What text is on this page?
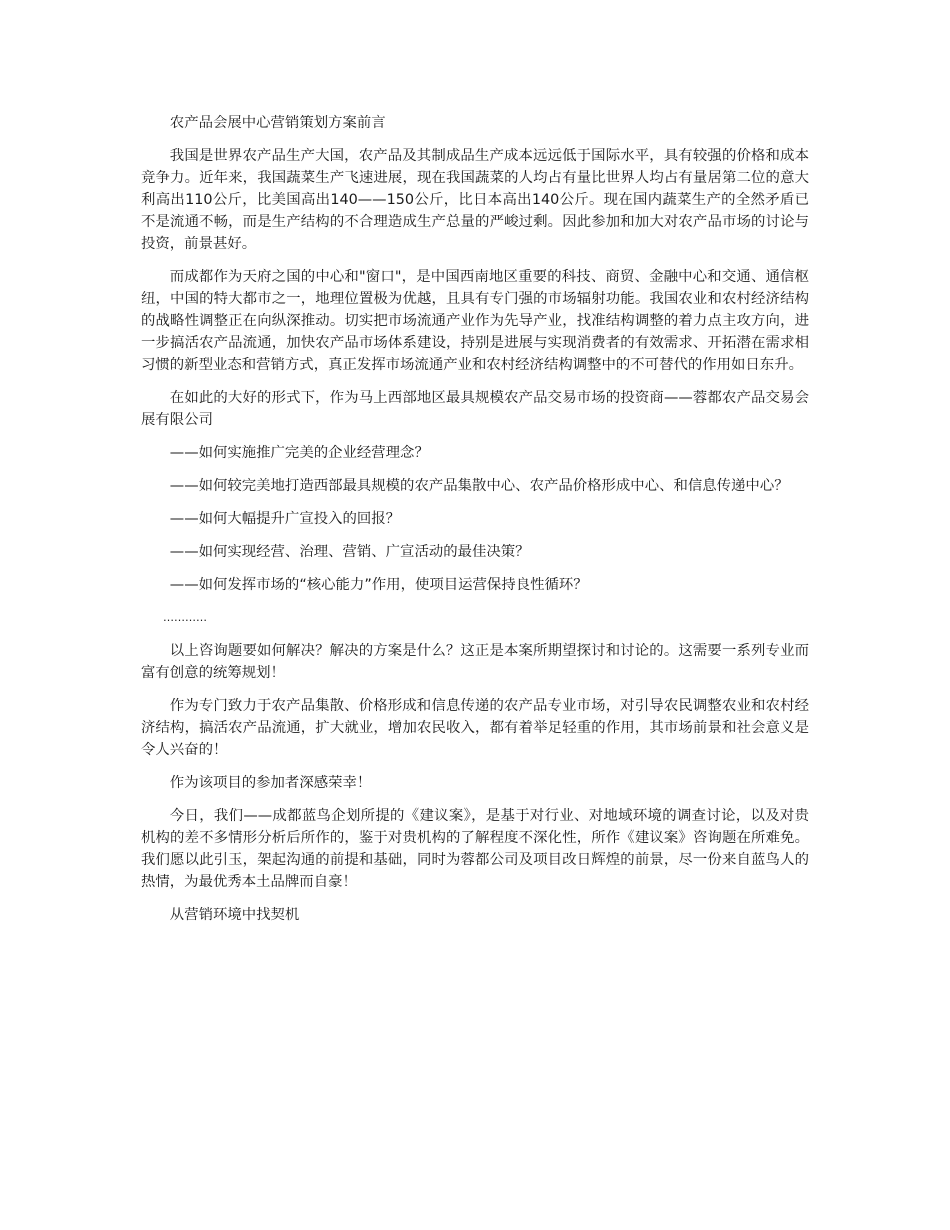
农产品会展中心营销策划方案前言

我国是世界农产品生产大国，农产品及其制成品生产成本远远低于国际水平，具有较强的价格和成本竞争力。近年来，我国蔬菜生产飞速进展，现在我国蔬菜的人均占有量比世界人均占有量居第二位的意大利高出110公斤，比美国高出140——150公斤，比日本高出140公斤。现在国内蔬菜生产的全然矛盾已不是流通不畅，而是生产结构的不合理造成生产总量的严峻过剩。因此参加和加大对农产品市场的讨论与投资，前景甚好。

而成都作为天府之国的中心和"窗口"，是中国西南地区重要的科技、商贸、金融中心和交通、通信枢纽，中国的特大都市之一，地理位置极为优越，且具有专门强的市场辐射功能。我国农业和农村经济结构的战略性调整正在向纵深推动。切实把市场流通产业作为先导产业，找准结构调整的着力点主攻方向，进一步搞活农产品流通，加快农产品市场体系建设，持别是进展与实现消费者的有效需求、开拓潜在需求相习惯的新型业态和营销方式，真正发挥市场流通产业和农村经济结构调整中的不可替代的作用如日东升。

在如此的大好的形式下，作为马上西部地区最具规模农产品交易市场的投资商——蓉都农产品交易会展有限公司

——如何实施推广完美的企业经营理念？

——如何较完美地打造西部最具规模的农产品集散中心、农产品价格形成中心、和信息传递中心？

——如何大幅提升广宣投入的回报？

——如何实现经营、治理、营销、广宣活动的最佳决策？

——如何发挥市场的“核心能力”作用，使项目运营保持良性循环？

…………

以上咨询题要如何解决？解决的方案是什么？这正是本案所期望探讨和讨论的。这需要一系列专业而富有创意的统筹规划！

作为专门致力于农产品集散、价格形成和信息传递的农产品专业市场，对引导农民调整农业和农村经济结构，搞活农产品流通，扩大就业，增加农民收入，都有着举足轻重的作用，其市场前景和社会意义是令人兴奋的！

作为该项目的参加者深感荣幸！

今日，我们——成都蓝鸟企划所提的《建议案》，是基于对行业、对地域环境的调查讨论，以及对贵机构的差不多情形分析后所作的，鉴于对贵机构的了解程度不深化性，所作《建议案》咨询题在所难免。我们愿以此引玉，架起沟通的前提和基础，同时为蓉都公司及项目改日辉煌的前景，尽一份来自蓝鸟人的热情，为最优秀本土品牌而自豪！

从营销环境中找契机
